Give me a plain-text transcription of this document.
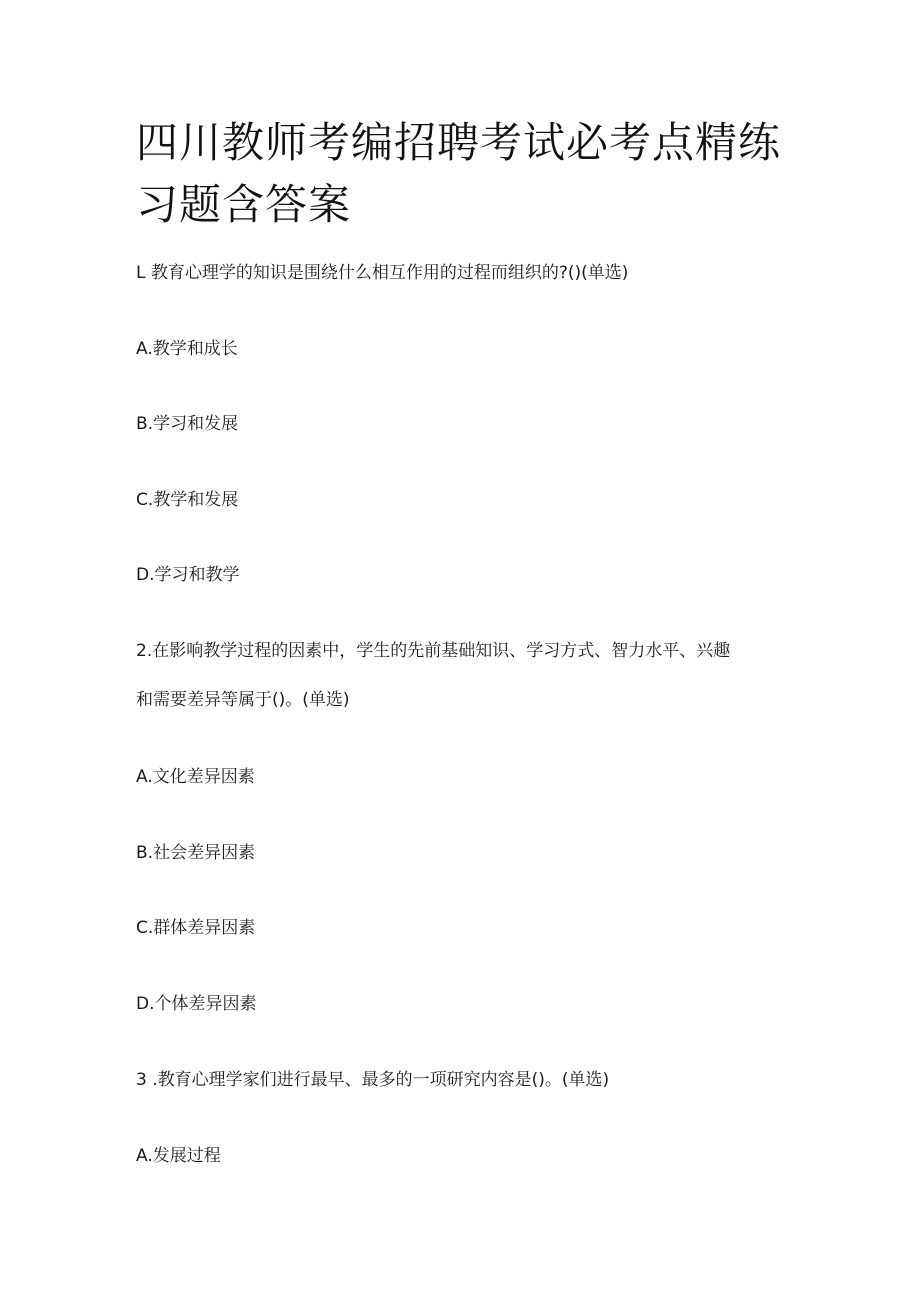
四川教师考编招聘考试必考点精练
习题含答案

L 教育心理学的知识是围绕什么相互作用的过程而组织的?()(单选)

A.教学和成长

B.学习和发展

C.教学和发展

D.学习和教学

2.在影响教学过程的因素中，学生的先前基础知识、学习方式、智力水平、兴趣

和需要差异等属于()。(单选)

A.文化差异因素

B.社会差异因素

C.群体差异因素

D.个体差异因素

3 .教育心理学家们进行最早、最多的一项研究内容是()。(单选)

A.发展过程
